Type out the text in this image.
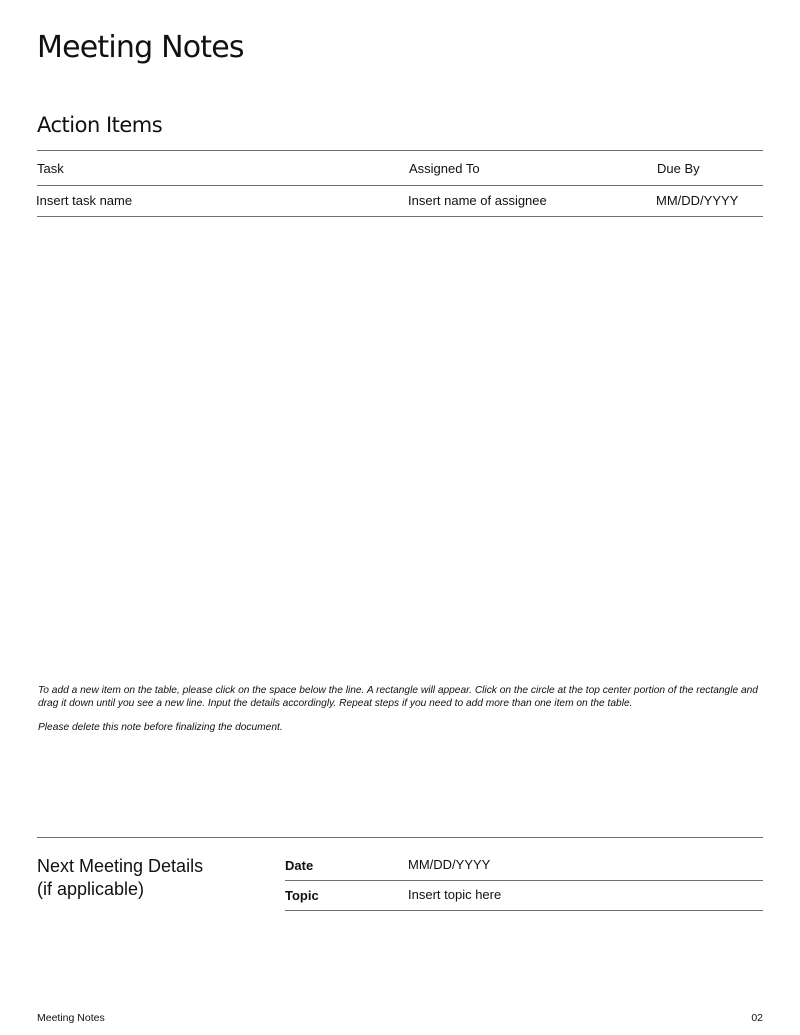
Meeting Notes
Action Items
Task	Assigned To	Due By
Insert task name	Insert name of assignee	MM/DD/YYYY

To add a new item on the table, please click on the space below the line. A rectangle will appear. Click on the circle at the top center portion of the rectangle and drag it down until you see a new line. Input the details accordingly. Repeat steps if you need to add more than one item on the table.

Please delete this note before finalizing the document.

Next Meeting Details
(if applicable)
Date	MM/DD/YYYY
Topic	Insert topic here
Meeting Notes	02
